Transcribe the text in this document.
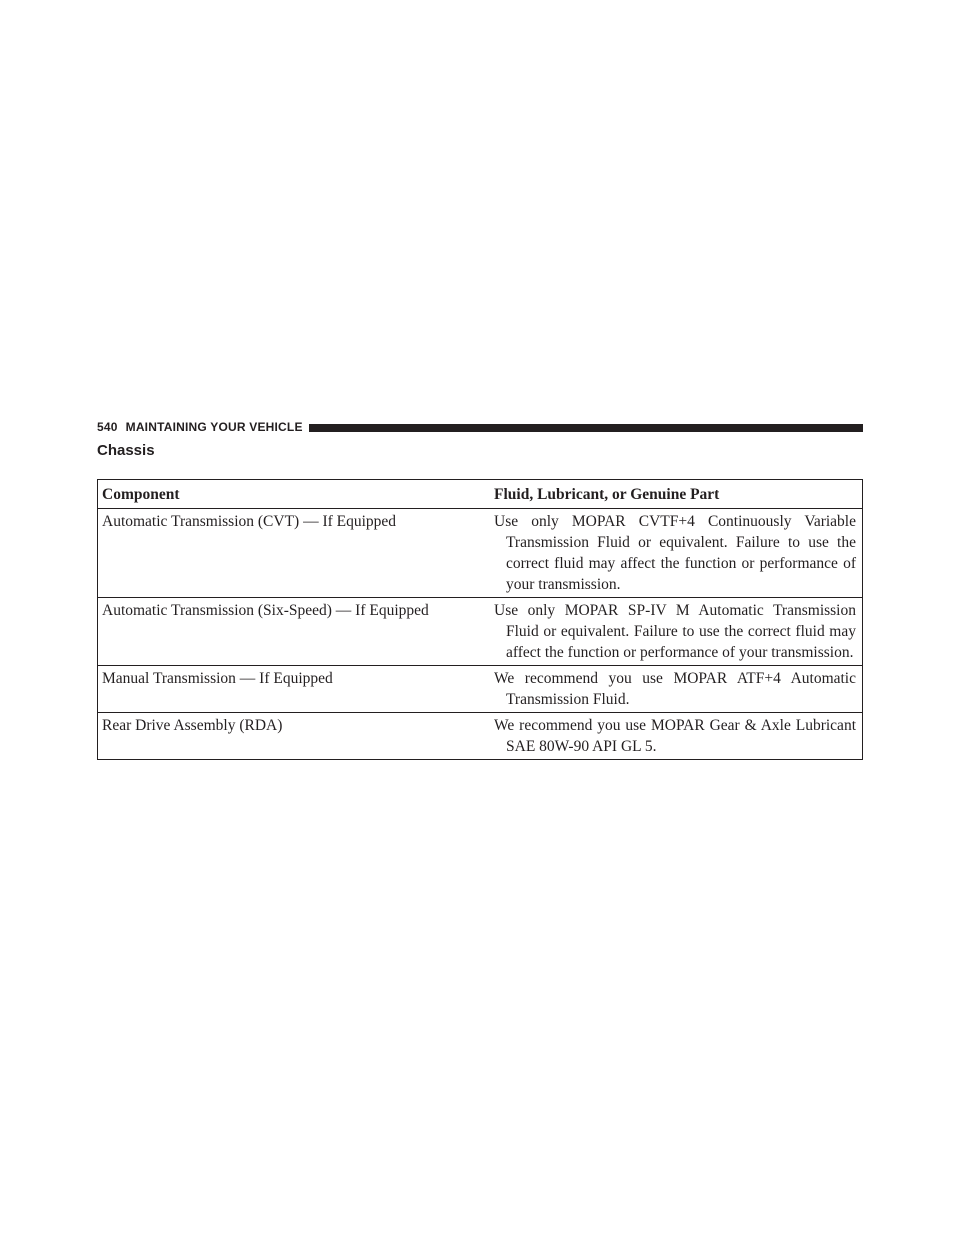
540 MAINTAINING YOUR VEHICLE
Chassis
Component	Fluid, Lubricant, or Genuine Part
Automatic Transmission (CVT) — If Equipped	Use only MOPAR CVTF+4 Continuously Variable Transmission Fluid or equivalent. Failure to use the correct fluid may affect the function or performance of your transmission.

Automatic Transmission (Six-Speed) — If Equipped	Use only MOPAR SP-IV M Automatic Transmission Fluid or equivalent. Failure to use the correct fluid may affect the function or performance of your transmission.

Manual Transmission — If Equipped	We recommend you use MOPAR ATF+4 Automatic Transmission Fluid.

Rear Drive Assembly (RDA)	We recommend you use MOPAR Gear & Axle Lubricant SAE 80W-90 API GL 5.
